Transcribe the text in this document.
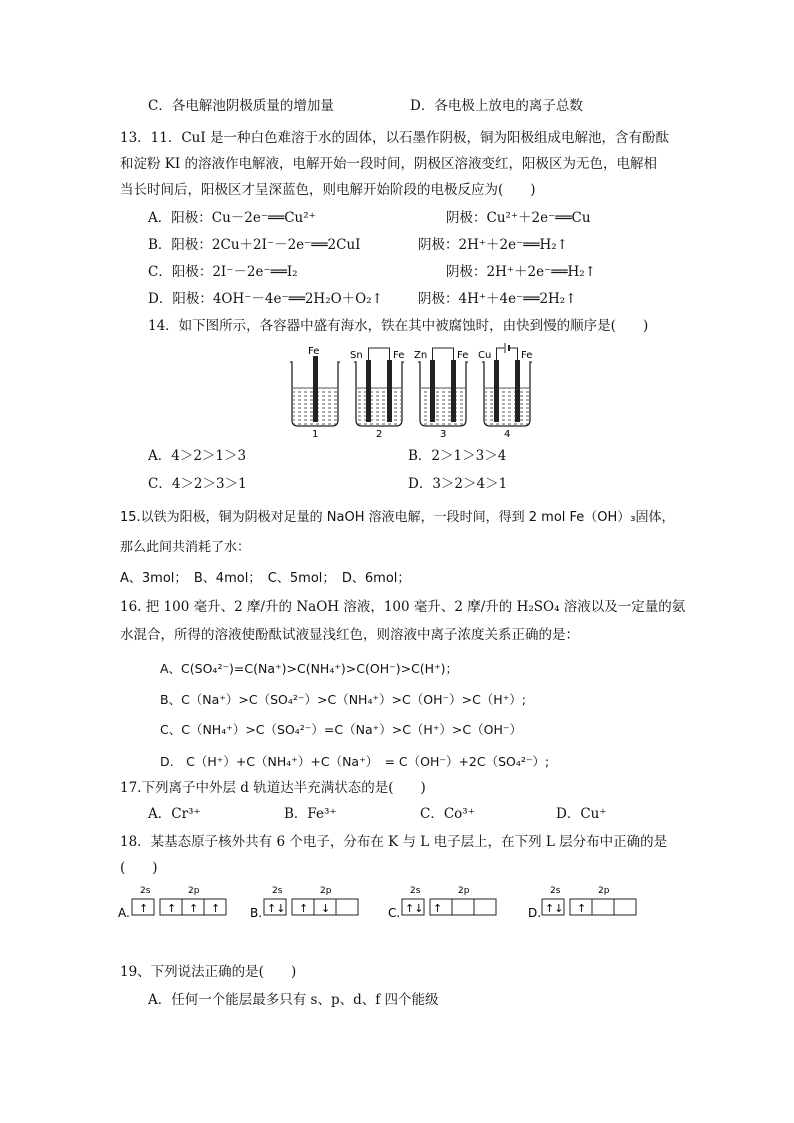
C．各电解池阴极质量的增加量	D．各电极上放电的离子总数
13．11．CuI 是一种白色难溶于水的固体，以石墨作阴极，铜为阳极组成电解池，含有酚酞
和淀粉 KI 的溶液作电解液，电解开始一段时间，阴极区溶液变红，阳极区为无色，电解相
当长时间后，阳极区才呈深蓝色，则电解开始阶段的电极反应为(　　)
A．阳极：Cu－2e⁻══Cu²⁺	阴极：Cu²⁺＋2e⁻══Cu
B．阳极：2Cu＋2I⁻－2e⁻══2CuI	阴极：2H⁺＋2e⁻══H₂↑
C．阳极：2I⁻－2e⁻══I₂	阴极：2H⁺＋2e⁻══H₂↑
D．阳极：4OH⁻－4e⁻══2H₂O＋O₂↑	阴极：4H⁺＋4e⁻══2H₂↑
14．如下图所示，各容器中盛有海水，铁在其中被腐蚀时，由快到慢的顺序是(　　)
Fe
1
Sn	Fe
2
Zn	Fe
3
Cu	Fe
4
A．4＞2＞1＞3	B．2＞1＞3＞4
C．4＞2＞3＞1	D．3＞2＞4＞1
15.以铁为阳极，铜为阴极对足量的 NaOH 溶液电解，一段时间，得到 2 mol Fe（OH）₃固体，
那么此间共消耗了水：
A、3mol；　B、4mol；　C、5mol；　D、6mol；
16. 把 100 毫升、2 摩/升的 NaOH 溶液，100 毫升、2 摩/升的 H₂SO₄ 溶液以及一定量的氨
水混合，所得的溶液使酚酞试液显浅红色，则溶液中离子浓度关系正确的是：
A、C(SO₄²⁻)=C(Na⁺)>C(NH₄⁺)>C(OH⁻)>C(H⁺)；
B、C（Na⁺）>C（SO₄²⁻）>C（NH₄⁺）>C（OH⁻）>C（H⁺）;
C、C（NH₄⁺）>C（SO₄²⁻）=C（Na⁺）>C（H⁺）>C（OH⁻）
D.　C（H⁺）+C（NH₄⁺）+C（Na⁺）　= C（OH⁻）+2C（SO₄²⁻）;
17.下列离子中外层 d 轨道达半充满状态的是(　　)
A．Cr³⁺	B．Fe³⁺	C．Co³⁺	D．Cu⁺
18．某基态原子核外共有 6 个电子，分布在 K 与 L 电子层上，在下列 L 层分布中正确的是
(　　)
2s	2p
A. ↑ ↑ ↑ ↑
2s	2p
B. ↑↓ ↑ ↓
2s	2p
C. ↑↓ ↑
2s	2p
D. ↑↓ ↑
19、下列说法正确的是(　　)
A．任何一个能层最多只有 s、p、d、f 四个能级
